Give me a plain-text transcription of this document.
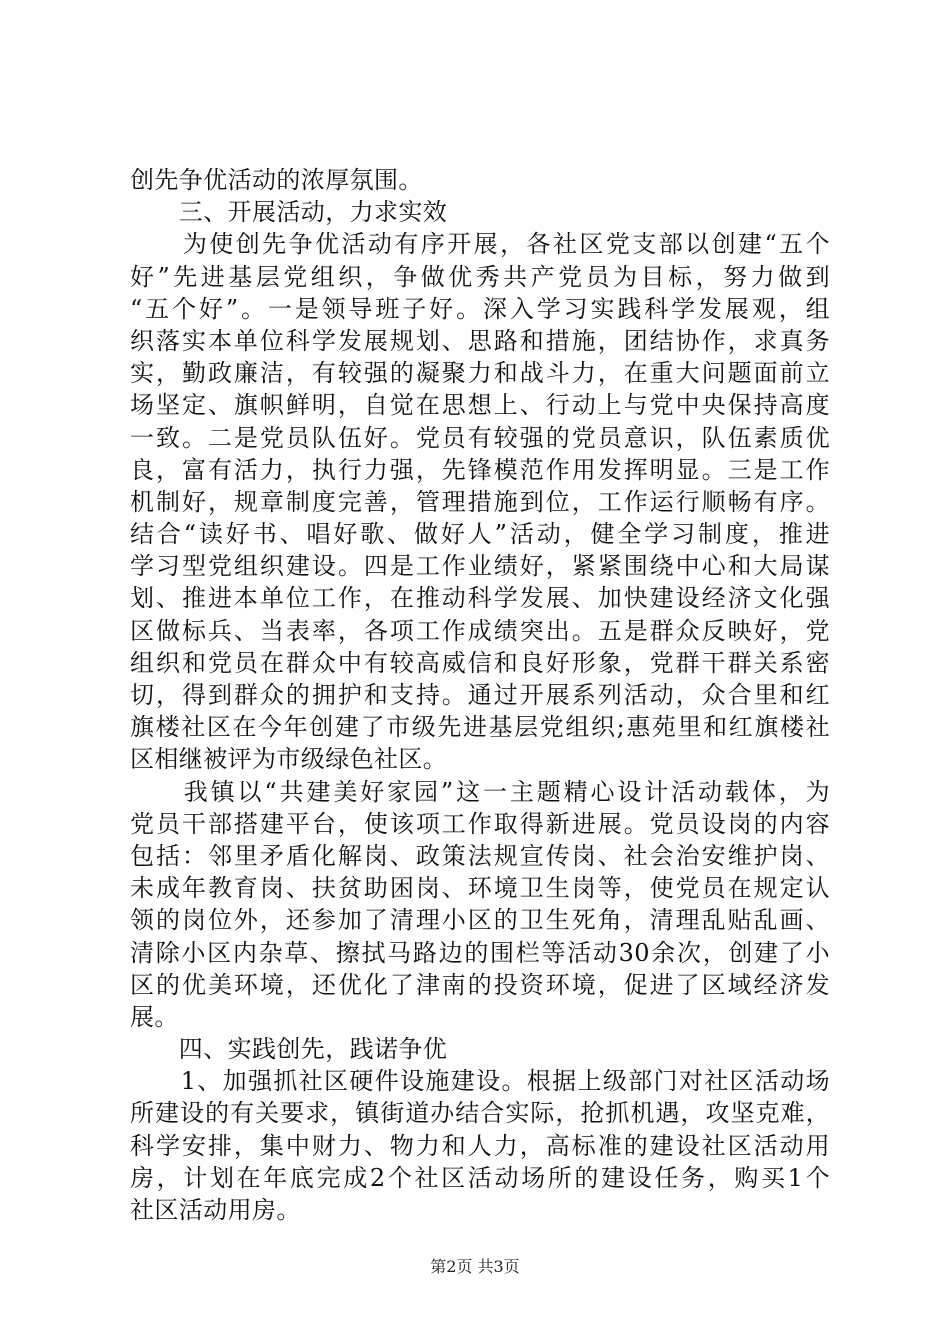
创先争优活动的浓厚氛围。
　　三、开展活动，力求实效
　　为使创先争优活动有序开展，各社区党支部以创建“五个
好”先进基层党组织，争做优秀共产党员为目标，努力做到
“五个好”。一是领导班子好。深入学习实践科学发展观，组
织落实本单位科学发展规划、思路和措施，团结协作，求真务
实，勤政廉洁，有较强的凝聚力和战斗力，在重大问题面前立
场坚定、旗帜鲜明，自觉在思想上、行动上与党中央保持高度
一致。二是党员队伍好。党员有较强的党员意识，队伍素质优
良，富有活力，执行力强，先锋模范作用发挥明显。三是工作
机制好，规章制度完善，管理措施到位，工作运行顺畅有序。
结合“读好书、唱好歌、做好人”活动，健全学习制度，推进
学习型党组织建设。四是工作业绩好，紧紧围绕中心和大局谋
划、推进本单位工作，在推动科学发展、加快建设经济文化强
区做标兵、当表率，各项工作成绩突出。五是群众反映好，党
组织和党员在群众中有较高威信和良好形象，党群干群关系密
切，得到群众的拥护和支持。通过开展系列活动，众合里和红
旗楼社区在今年创建了市级先进基层党组织;惠苑里和红旗楼社
区相继被评为市级绿色社区。
　　我镇以“共建美好家园”这一主题精心设计活动载体，为
党员干部搭建平台，使该项工作取得新进展。党员设岗的内容
包括：邻里矛盾化解岗、政策法规宣传岗、社会治安维护岗、
未成年教育岗、扶贫助困岗、环境卫生岗等，使党员在规定认
领的岗位外，还参加了清理小区的卫生死角，清理乱贴乱画、
清除小区内杂草、擦拭马路边的围栏等活动30余次，创建了小
区的优美环境，还优化了津南的投资环境，促进了区域经济发
展。
　　四、实践创先，践诺争优
　　1、加强抓社区硬件设施建设。根据上级部门对社区活动场
所建设的有关要求，镇街道办结合实际，抢抓机遇，攻坚克难，
科学安排，集中财力、物力和人力，高标准的建设社区活动用
房，计划在年底完成2个社区活动场所的建设任务，购买1个
社区活动用房。
第2页 共3页
